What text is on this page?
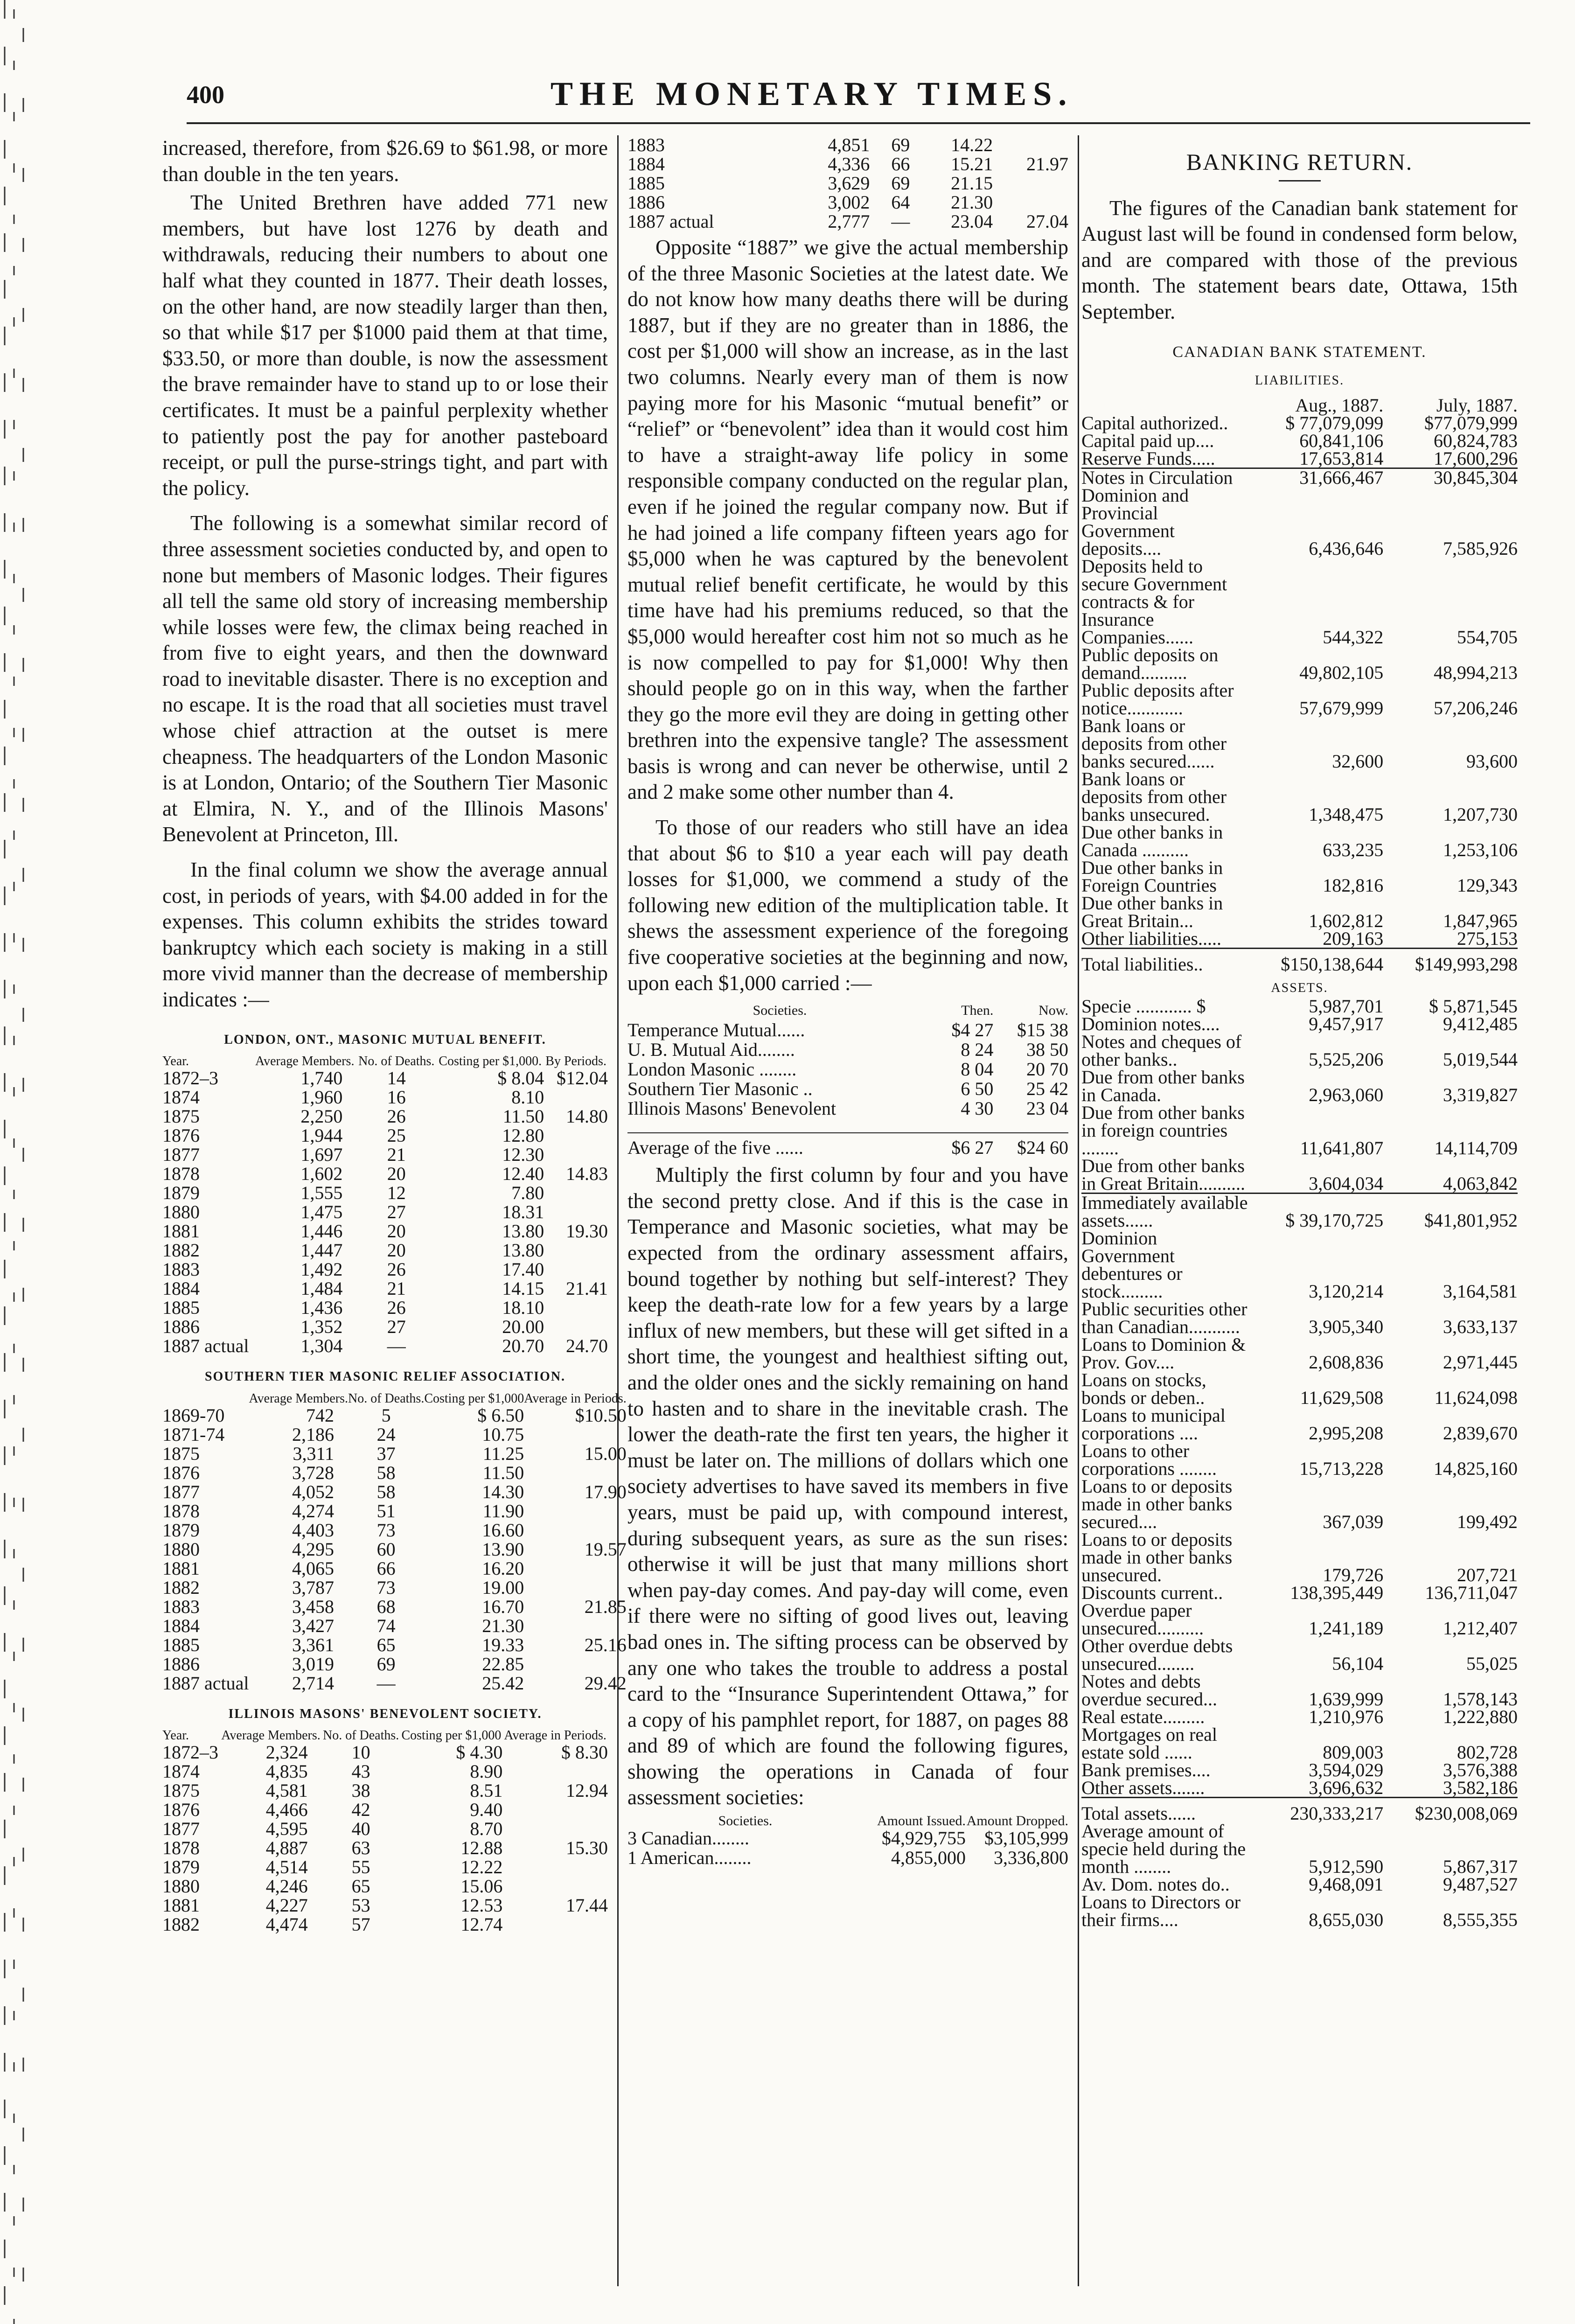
400	THE MONETARY TIMES.

increased, therefore, from $26.69 to $61.98, or more than double in the ten years.

The United Brethren have added 771 new members, but have lost 1276 by death and withdrawals, reducing their numbers to about one half what they counted in 1877. Their death losses, on the other hand, are now steadily larger than then, so that while $17 per $1000 paid them at that time, $33.50, or more than double, is now the assessment the brave remainder have to stand up to or lose their certificates. It must be a painful perplexity whether to patiently post the pay for another pasteboard receipt, or pull the purse-strings tight, and part with the policy.

The following is a somewhat similar record of three assessment societies conducted by, and open to none but members of Masonic lodges. Their figures all tell the same old story of increasing membership while losses were few, the climax being reached in from five to eight years, and then the downward road to inevitable disaster. There is no exception and no escape. It is the road that all societies must travel whose chief attraction at the outset is mere cheapness. The headquarters of the London Masonic is at London, Ontario; of the Southern Tier Masonic at Elmira, N. Y., and of the Illinois Masons' Benevolent at Princeton, Ill.

In the final column we show the average annual cost, in periods of years, with $4.00 added in for the expenses. This column exhibits the strides toward bankruptcy which each society is making in a still more vivid manner than the decrease of membership indicates :—

LONDON, ONT., MASONIC MUTUAL BENEFIT.
Year.	Average Members.	No. of Deaths.	Costing per $1,000.	By Periods.
1872–3	1,740	14	$ 8.04	$12.04
1874	1,960	16	8.10	
1875	2,250	26	11.50	14.80
1876	1,944	25	12.80	
1877	1,697	21	12.30	
1878	1,602	20	12.40	14.83
1879	1,555	12	7.80	
1880	1,475	27	18.31	
1881	1,446	20	13.80	19.30
1882	1,447	20	13.80	
1883	1,492	26	17.40	
1884	1,484	21	14.15	21.41
1885	1,436	26	18.10	
1886	1,352	27	20.00	
1887 actual	1,304	—	20.70	24.70
SOUTHERN TIER MASONIC RELIEF ASSOCIATION.
	Average Members.	No. of Deaths.	Costing per $1,000	Average in Periods.
1869-70	742	5	$ 6.50	$10.50
1871-74	2,186	24	10.75	
1875	3,311	37	11.25	15.00
1876	3,728	58	11.50	
1877	4,052	58	14.30	17.90
1878	4,274	51	11.90	
1879	4,403	73	16.60	
1880	4,295	60	13.90	19.57
1881	4,065	66	16.20	
1882	3,787	73	19.00	
1883	3,458	68	16.70	21.85
1884	3,427	74	21.30	
1885	3,361	65	19.33	25.16
1886	3,019	69	22.85	
1887 actual	2,714	—	25.42	29.42
ILLINOIS MASONS' BENEVOLENT SOCIETY.
Year.	Average Members.	No. of Deaths.	Costing per $1,000	Average in Periods.
1872–3	2,324	10	$ 4.30	$ 8.30
1874	4,835	43	8.90	
1875	4,581	38	8.51	12.94
1876	4,466	42	9.40	
1877	4,595	40	8.70	
1878	4,887	63	12.88	15.30
1879	4,514	55	12.22	
1880	4,246	65	15.06	
1881	4,227	53	12.53	17.44
1882	4,474	57	12.74	
1883	4,851	69	14.22	
1884	4,336	66	15.21	21.97
1885	3,629	69	21.15	
1886	3,002	64	21.30	
1887 actual	2,777	—	23.04	27.04

Opposite “1887” we give the actual membership of the three Masonic Societies at the latest date. We do not know how many deaths there will be during 1887, but if they are no greater than in 1886, the cost per $1,000 will show an increase, as in the last two columns. Nearly every man of them is now paying more for his Masonic “mutual benefit” or “relief” or “benevolent” idea than it would cost him to have a straight-away life policy in some responsible company conducted on the regular plan, even if he joined the regular company now. But if he had joined a life company fifteen years ago for $5,000 when he was captured by the benevolent mutual relief benefit certificate, he would by this time have had his premiums reduced, so that the $5,000 would hereafter cost him not so much as he is now compelled to pay for $1,000! Why then should people go on in this way, when the farther they go the more evil they are doing in getting other brethren into the expensive tangle? The assessment basis is wrong and can never be otherwise, until 2 and 2 make some other number than 4.

To those of our readers who still have an idea that about $6 to $10 a year each will pay death losses for $1,000, we commend a study of the following new edition of the multiplication table. It shews the assessment experience of the foregoing five cooperative societies at the beginning and now, upon each $1,000 carried :—

Societies.	Then.	Now.
Temperance Mutual......	$4 27	$15 38
U. B. Mutual Aid........	8 24	38 50
London Masonic ........	8 04	20 70
Southern Tier Masonic ..	6 50	25 42
Illinois Masons' Benevolent	4 30	23 04

Average of the five ......	$6 27	$24 60

Multiply the first column by four and you have the second pretty close. And if this is the case in Temperance and Masonic societies, what may be expected from the ordinary assessment affairs, bound together by nothing but self-interest? They keep the death-rate low for a few years by a large influx of new members, but these will get sifted in a short time, the youngest and healthiest sifting out, and the older ones and the sickly remaining on hand to hasten and to share in the inevitable crash. The lower the death-rate the first ten years, the higher it must be later on. The millions of dollars which one society advertises to have saved its members in five years, must be paid up, with compound interest, during subsequent years, as sure as the sun rises: otherwise it will be just that many millions short when pay-day comes. And pay-day will come, even if there were no sifting of good lives out, leaving bad ones in. The sifting process can be observed by any one who takes the trouble to address a postal card to the “Insurance Superintendent Ottawa,” for a copy of his pamphlet report, for 1887, on pages 88 and 89 of which are found the following figures, showing the operations in Canada of four assessment societies:

Societies.	Amount Issued.	Amount Dropped.
3 Canadian........	$4,929,755	$3,105,999
1 American........	4,855,000	3,336,800
BANKING RETURN.

The figures of the Canadian bank statement for August last will be found in condensed form below, and are compared with those of the previous month. The statement bears date, Ottawa, 15th September.

CANADIAN BANK STATEMENT.
LIABILITIES.
	Aug., 1887.	July, 1887.
Capital authorized..	$ 77,079,099	$77,079,999
Capital paid up....	60,841,106	60,824,783
Reserve Funds.....	17,653,814	17,600,296

Notes in Circulation	31,666,467	30,845,304
Dominion and Provincial Government deposits....	6,436,646	7,585,926
Deposits held to secure Government contracts & for Insurance Companies......	544,322	554,705
Public deposits on demand..........	49,802,105	48,994,213
Public deposits after notice............	57,679,999	57,206,246
Bank loans or deposits from other banks secured......	32,600	93,600
Bank loans or deposits from other banks unsecured.	1,348,475	1,207,730
Due other banks in Canada ..........	633,235	1,253,106
Due other banks in Foreign Countries	182,816	129,343
Due other banks in Great Britain...	1,602,812	1,847,965
Other liabilities.....	209,163	275,153

Total liabilities..	$150,138,644	$149,993,298
ASSETS.		
Specie ............ $	5,987,701	$ 5,871,545
Dominion notes....	9,457,917	9,412,485
Notes and cheques of other banks..	5,525,206	5,019,544
Due from other banks in Canada.	2,963,060	3,319,827
Due from other banks in foreign countries ........	11,641,807	14,114,709
Due from other banks in Great Britain..........	3,604,034	4,063,842

Immediately available assets......	$ 39,170,725	$41,801,952
Dominion Government debentures or stock.........	3,120,214	3,164,581
Public securities other than Canadian...........	3,905,340	3,633,137
Loans to Dominion & Prov. Gov....	2,608,836	2,971,445
Loans on stocks, bonds or deben..	11,629,508	11,624,098
Loans to municipal corporations ....	2,995,208	2,839,670
Loans to other corporations ........	15,713,228	14,825,160
Loans to or deposits made in other banks secured....	367,039	199,492
Loans to or deposits made in other banks unsecured.	179,726	207,721
Discounts current..	138,395,449	136,711,047
Overdue paper unsecured..........	1,241,189	1,212,407
Other overdue debts unsecured........	56,104	55,025
Notes and debts overdue secured...	1,639,999	1,578,143
Real estate.........	1,210,976	1,222,880
Mortgages on real estate sold ......	809,003	802,728
Bank premises....	3,594,029	3,576,388
Other assets.......	3,696,632	3,582,186

Total assets......	230,333,217	$230,008,069
Average amount of specie held during the month ........	5,912,590	5,867,317
Av. Dom. notes do..	9,468,091	9,487,527
Loans to Directors or their firms....	8,655,030	8,555,355
